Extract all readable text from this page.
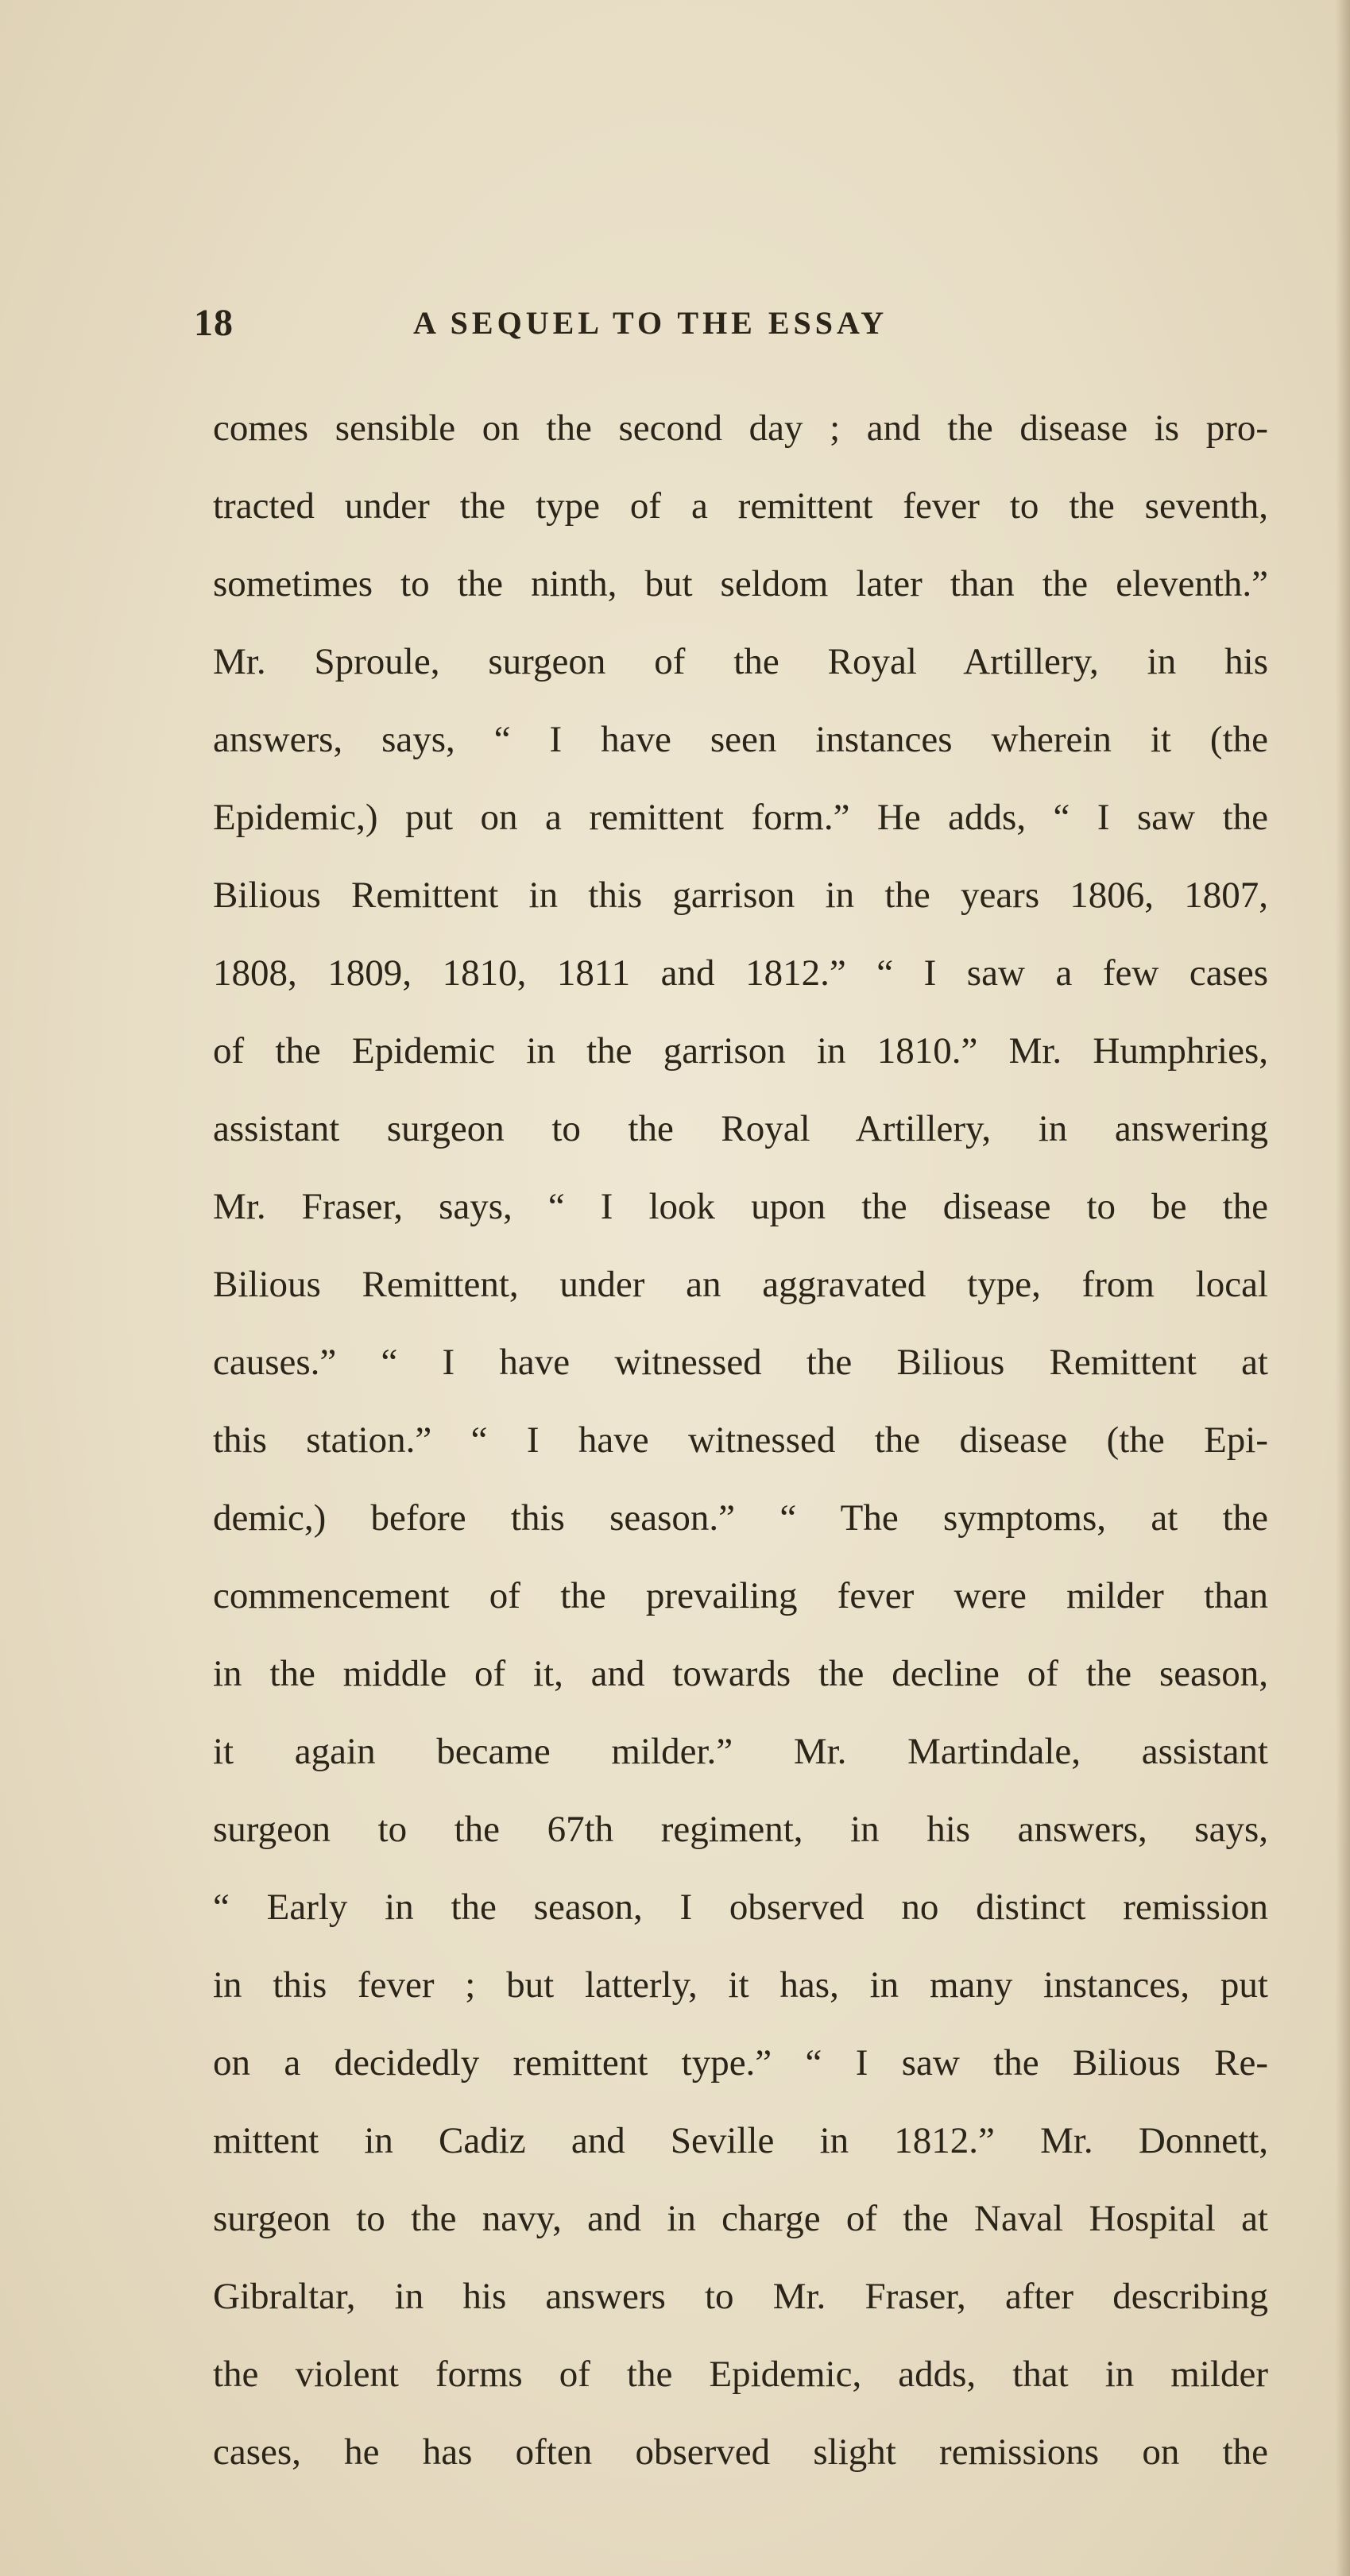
18	A SEQUEL TO THE ESSAY
comes sensible on the second day ; and the disease is pro-
tracted under the type of a remittent fever to the seventh,
sometimes to the ninth, but seldom later than the eleventh.”
Mr. Sproule, surgeon of the Royal Artillery, in his
answers, says, “ I have seen instances wherein it (the
Epidemic,) put on a remittent form.” He adds, “ I saw the
Bilious Remittent in this garrison in the years 1806, 1807,
1808, 1809, 1810, 1811 and 1812.” “ I saw a few cases
of the Epidemic in the garrison in 1810.” Mr. Humphries,
assistant surgeon to the Royal Artillery, in answering
Mr. Fraser, says, “ I look upon the disease to be the
Bilious Remittent, under an aggravated type, from local
causes.” “ I have witnessed the Bilious Remittent at
this station.” “ I have witnessed the disease (the Epi-
demic,) before this season.” “ The symptoms, at the
commencement of the prevailing fever were milder than
in the middle of it, and towards the decline of the season,
it again became milder.” Mr. Martindale, assistant
surgeon to the 67th regiment, in his answers, says,
“ Early in the season, I observed no distinct remission
in this fever ; but latterly, it has, in many instances, put
on a decidedly remittent type.” “ I saw the Bilious Re-
mittent in Cadiz and Seville in 1812.” Mr. Donnett,
surgeon to the navy, and in charge of the Naval Hospital at
Gibraltar, in his answers to Mr. Fraser, after describing
the violent forms of the Epidemic, adds, that in milder
cases, he has often observed slight remissions on the
